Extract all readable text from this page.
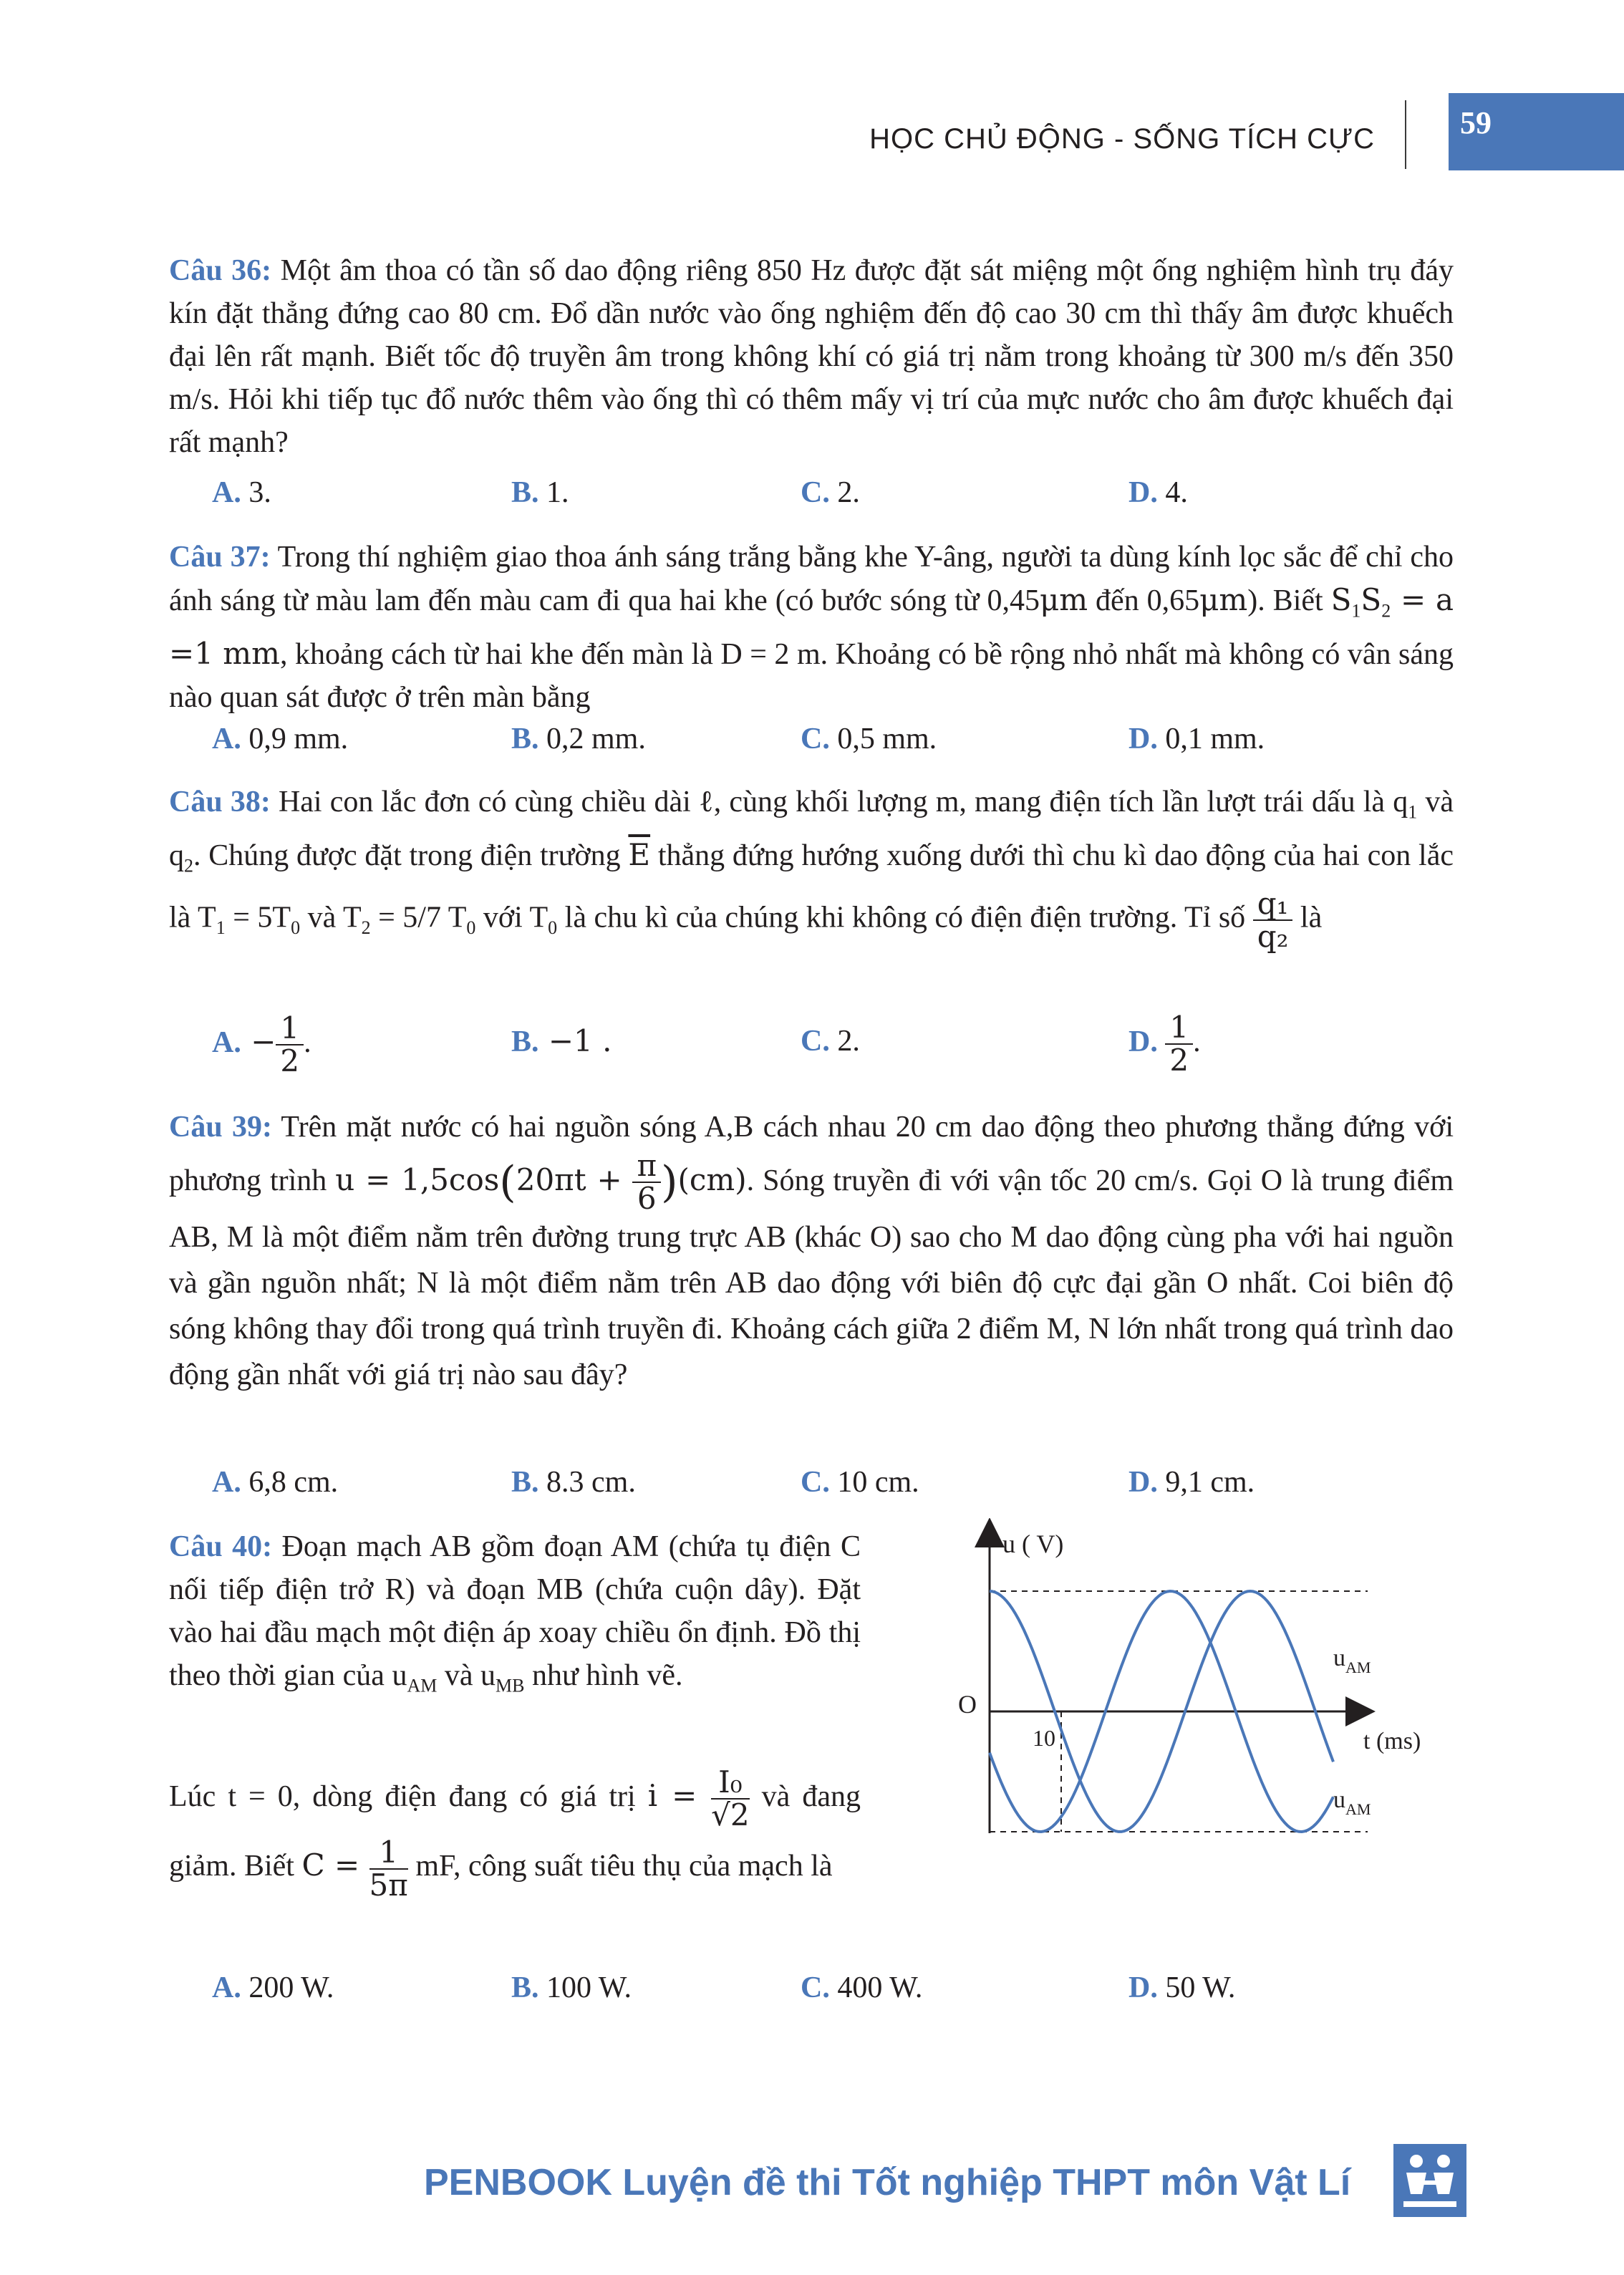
HỌC CHỦ ĐỘNG - SỐNG TÍCH CỰC	59
Câu 36: Một âm thoa có tần số dao động riêng 850 Hz được đặt sát miệng một ống nghiệm hình trụ đáy kín đặt thẳng đứng cao 80 cm. Đổ dần nước vào ống nghiệm đến độ cao 30 cm thì thấy âm được khuếch đại lên rất mạnh. Biết tốc độ truyền âm trong không khí có giá trị nằm trong khoảng từ 300 m/s đến 350 m/s. Hỏi khi tiếp tục đổ nước thêm vào ống thì có thêm mấy vị trí của mực nước cho âm được khuếch đại rất mạnh?
A. 3.	B. 1.	C. 2.	D. 4.
Câu 37: Trong thí nghiệm giao thoa ánh sáng trắng bằng khe Y-âng, người ta dùng kính lọc sắc để chỉ cho ánh sáng từ màu lam đến màu cam đi qua hai khe (có bước sóng từ 0,45μm đến 0,65μm). Biết $S_1S_2 = a =1$ mm, khoảng cách từ hai khe đến màn là D = 2 m. Khoảng có bề rộng nhỏ nhất mà không có vân sáng nào quan sát được ở trên màn bằng
A. 0,9 mm.	B. 0,2 mm.	C. 0,5 mm.	D. 0,1 mm.
Câu 38: Hai con lắc đơn có cùng chiều dài ℓ, cùng khối lượng m, mang điện tích lần lượt trái dấu là $q_1$ và $q_2$. Chúng được đặt trong điện trường $\overline{E}$ thẳng đứng hướng xuống dưới thì chu kì dao động của hai con lắc là $T_1 = 5T_0$ và $T_2 = 5/7$ $T_0$ với $T_0$ là chu kì của chúng khi không có điện điện trường. Tỉ số $\frac{\text{q₁}}{\text{q₂}}$ là
A. − $\frac{1}{2}$ .	B. −1 .	C. 2.	D. $\frac{1}{2}$ .
Câu 39: Trên mặt nước có hai nguồn sóng A,B cách nhau 20 cm dao động theo phương thẳng đứng với phương trình $u = 1,5\cos(20\pi t + \frac{\pi}{6} )(cm)$. Sóng truyền đi với vận tốc 20 cm/s. Gọi O là trung điểm AB, M là một điểm nằm trên đường trung trực AB (khác O) sao cho M dao động cùng pha với hai nguồn và gần nguồn nhất; N là một điểm nằm trên AB dao động với biên độ cực đại gần O nhất. Coi biên độ sóng không thay đổi trong quá trình truyền đi. Khoảng cách giữa 2 điểm M, N lớn nhất trong quá trình dao động gần nhất với giá trị nào sau đây?
A. 6,8 cm.	B. 8.3 cm.	C. 10 cm.	D. 9,1 cm.
Câu 40: Đoạn mạch AB gồm đoạn AM (chứa tụ điện C nối tiếp điện trở R) và đoạn MB (chứa cuộn dây). Đặt vào hai đầu mạch một điện áp xoay chiều ổn định. Đồ thị theo thời gian của $u_{AM}$ và $u_{MB}$ như hình vẽ.
Lúc t = 0, dòng điện đang có giá trị $i = \frac{\text{I₀}}{√2}$ và đang giảm. Biết $C = \frac{1}{5\pi}$ mF, công suất tiêu thụ của mạch là
A. 200 W.	B. 100 W.	C. 400 W.	D. 50 W.
u ( V)
O
10	t (ms)
$u_{AM}$
$u_{AM}$
PENBOOK Luyện đề thi Tốt nghiệp THPT môn Vật Lí
